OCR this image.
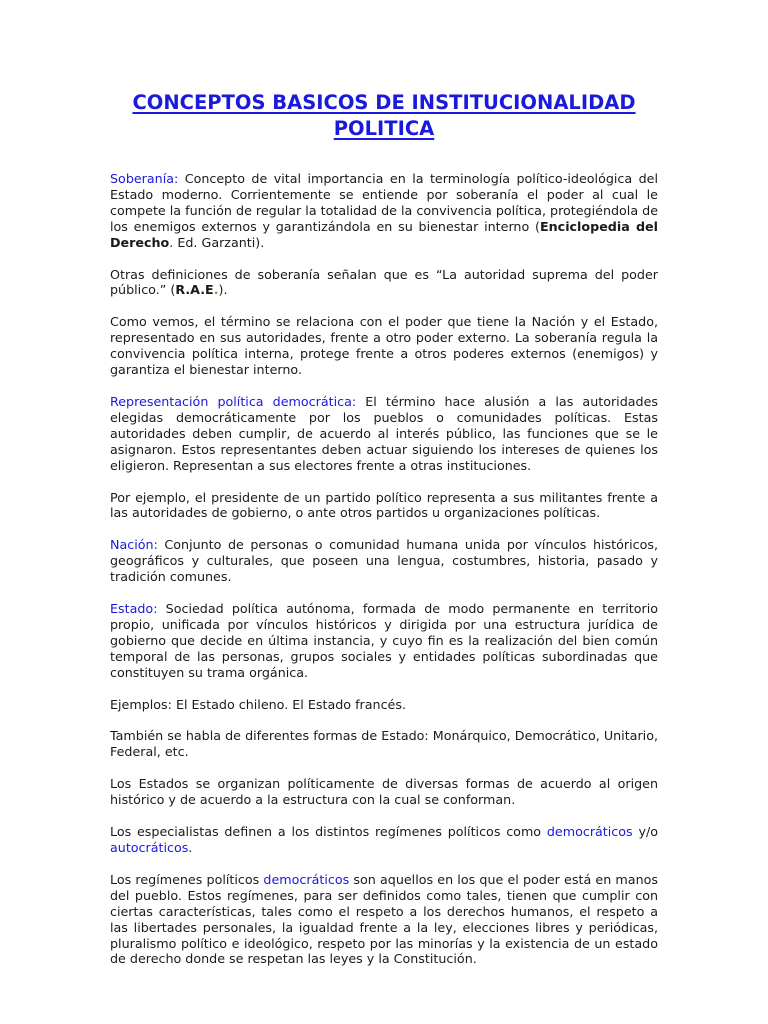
CONCEPTOS BASICOS DE INSTITUCIONALIDAD
POLITICA

Soberanía: Concepto de vital importancia en la terminología político-ideológica del Estado moderno. Corrientemente se entiende por soberanía el poder al cual le compete la función de regular la totalidad de la convivencia política, protegiéndola de los enemigos externos y garantizándola en su bienestar interno (Enciclopedia del Derecho. Ed. Garzanti).

Otras definiciones de soberanía señalan que es “La autoridad suprema del poder público.” (R.A.E.).

Como vemos, el término se relaciona con el poder que tiene la Nación y el Estado, representado en sus autoridades, frente a otro poder externo. La soberanía regula la convivencia política interna, protege frente a otros poderes externos (enemigos) y garantiza el bienestar interno.

Representación política democrática: El término hace alusión a las autoridades elegidas democráticamente por los pueblos o comunidades políticas. Estas autoridades deben cumplir, de acuerdo al interés público, las funciones que se le asignaron. Estos representantes deben actuar siguiendo los intereses de quienes los eligieron. Representan a sus electores frente a otras instituciones.

Por ejemplo, el presidente de un partido político representa a sus militantes frente a las autoridades de gobierno, o ante otros partidos u organizaciones políticas.

Nación: Conjunto de personas o comunidad humana unida por vínculos históricos, geográficos y culturales, que poseen una lengua, costumbres, historia, pasado y tradición comunes.

Estado: Sociedad política autónoma, formada de modo permanente en territorio propio, unificada por vínculos históricos y dirigida por una estructura jurídica de gobierno que decide en última instancia, y cuyo fin es la realización del bien común temporal de las personas, grupos sociales y entidades políticas subordinadas que constituyen su trama orgánica.

Ejemplos: El Estado chileno. El Estado francés.

También se habla de diferentes formas de Estado: Monárquico, Democrático, Unitario, Federal, etc.

Los Estados se organizan políticamente de diversas formas de acuerdo al origen histórico y de acuerdo a la estructura con la cual se conforman.

Los especialistas definen a los distintos regímenes políticos como democráticos y/o autocráticos.

Los regímenes políticos democráticos son aquellos en los que el poder está en manos del pueblo. Estos regímenes, para ser definidos como tales, tienen que cumplir con ciertas características, tales como el respeto a los derechos humanos, el respeto a las libertades personales, la igualdad frente a la ley, elecciones libres y periódicas, pluralismo político e ideológico, respeto por las minorías y la existencia de un estado de derecho donde se respetan las leyes y la Constitución.
